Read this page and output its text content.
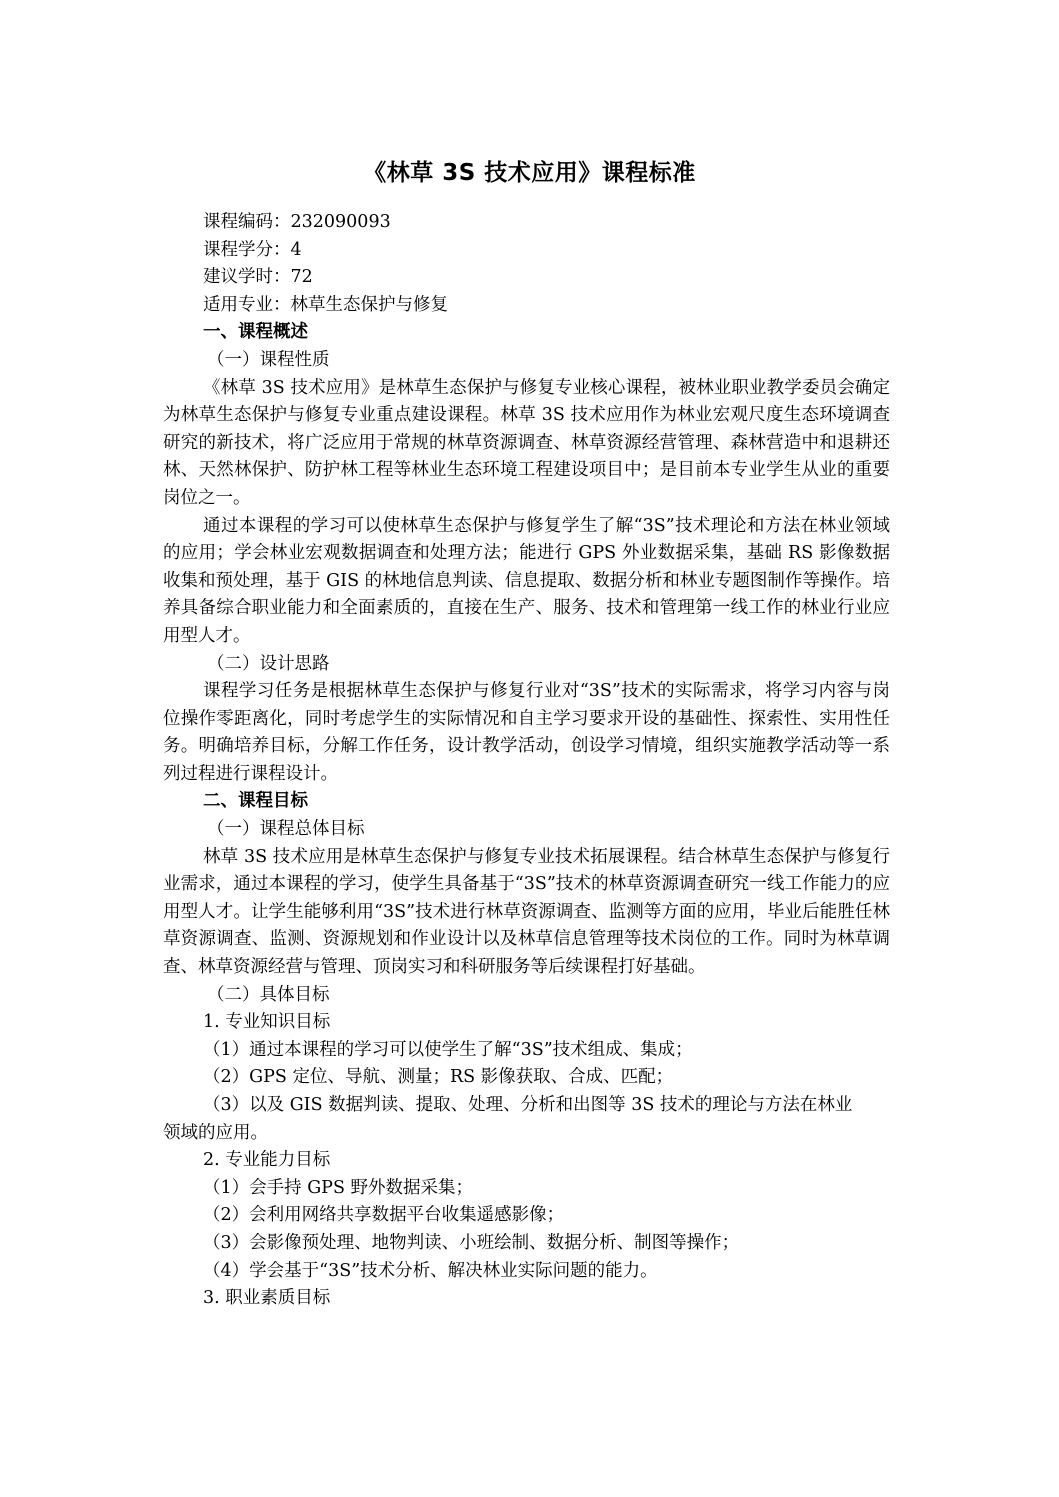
《林草 3S 技术应用》课程标准
课程编码：232090093
课程学分：4
建议学时：72
适用专业：林草生态保护与修复
一、课程概述
（一）课程性质
《林草 3S 技术应用》是林草生态保护与修复专业核心课程，被林业职业教学委员会确定为林草生态保护与修复专业重点建设课程。林草 3S 技术应用作为林业宏观尺度生态环境调查研究的新技术，将广泛应用于常规的林草资源调查、林草资源经营管理、森林营造中和退耕还林、天然林保护、防护林工程等林业生态环境工程建设项目中；是目前本专业学生从业的重要岗位之一。
通过本课程的学习可以使林草生态保护与修复学生了解“3S”技术理论和方法在林业领域的应用；学会林业宏观数据调查和处理方法；能进行 GPS 外业数据采集，基础 RS 影像数据收集和预处理，基于 GIS 的林地信息判读、信息提取、数据分析和林业专题图制作等操作。培养具备综合职业能力和全面素质的，直接在生产、服务、技术和管理第一线工作的林业行业应用型人才。
（二）设计思路
课程学习任务是根据林草生态保护与修复行业对“3S”技术的实际需求，将学习内容与岗位操作零距离化，同时考虑学生的实际情况和自主学习要求开设的基础性、探索性、实用性任务。明确培养目标，分解工作任务，设计教学活动，创设学习情境，组织实施教学活动等一系列过程进行课程设计。
二、课程目标
（一）课程总体目标
林草 3S 技术应用是林草生态保护与修复专业技术拓展课程。结合林草生态保护与修复行业需求，通过本课程的学习，使学生具备基于“3S”技术的林草资源调查研究一线工作能力的应用型人才。让学生能够利用“3S”技术进行林草资源调查、监测等方面的应用，毕业后能胜任林草资源调查、监测、资源规划和作业设计以及林草信息管理等技术岗位的工作。同时为林草调查、林草资源经营与管理、顶岗实习和科研服务等后续课程打好基础。
（二）具体目标
1. 专业知识目标
（1）通过本课程的学习可以使学生了解“3S”技术组成、集成；
（2）GPS 定位、导航、测量；RS 影像获取、合成、匹配；
（3）以及 GIS 数据判读、提取、处理、分析和出图等 3S 技术的理论与方法在林业
领域的应用。
2. 专业能力目标
（1）会手持 GPS 野外数据采集；
（2）会利用网络共享数据平台收集遥感影像；
（3）会影像预处理、地物判读、小班绘制、数据分析、制图等操作；
（4）学会基于“3S”技术分析、解决林业实际问题的能力。
3. 职业素质目标
